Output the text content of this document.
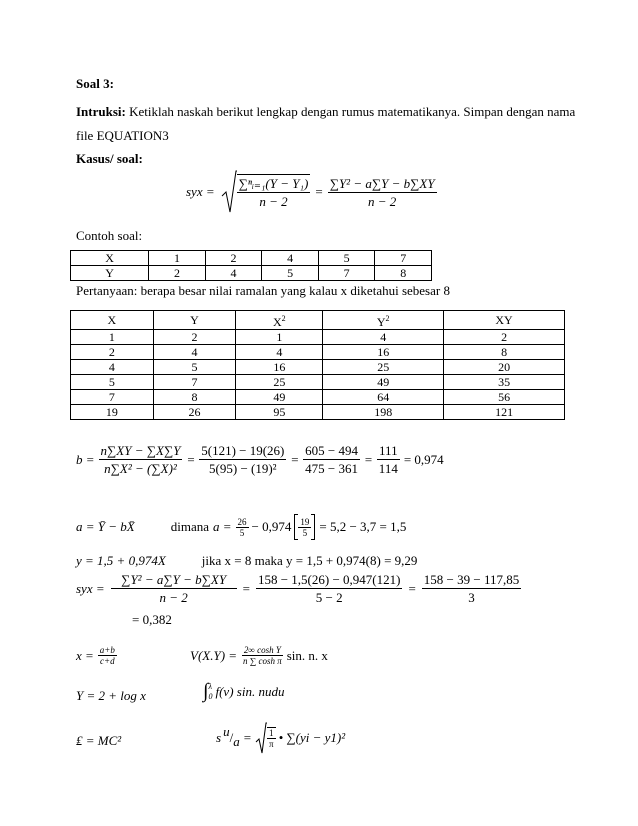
Soal 3:
Intruksi: Ketiklah naskah berikut lengkap dengan rumus matematikanya. Simpan dengan nama
file EQUATION3
Kasus/ soal:
syx = $\frac{\text{∑ⁿᵢ₌₁(Y − Y₁)}}{n - 2} = \frac{\text{∑Y² − a∑Y − b∑XY}}{n - 2}$
Contoh soal:
X	1	2	4	5	7
Y	2	4	5	7	8
Pertanyaan: berapa besar nilai ramalan yang kalau x diketahui sebesar 8
X	Y	$X^2$	$Y^2$	XY
1	2	1	4	2
2	4	4	16	8
4	5	16	25	20
5	7	25	49	35
7	8	49	64	56
19	26	95	198	121
$b = \frac{n\sum XY - \sum X\sum Y}{\text{n∑X² − (∑X)²}} = \frac{5(121) - 19(26)}{\text{5(95) − (19)²}} = \frac{605 - 494}{475 - 361} = \frac{111}{114} = 0,974$
a = Ȳ − bX̄	dimana $a = \frac{26}{5} - 0,974 \frac{19}{5} = 5,2 - 3,7 = 1,5$
y = 1,5 + 0,974X	jika x = 8 maka y = 1,5 + 0,974(8) = 9,29
syx = $\frac{\text{∑Y² − a∑Y − b∑XY}}{n - 2} = \frac{158 - 1,5(26) - 0,947(121)}{5 - 2} = \frac{158 - 39 - 117,85}{3}$
= 0,382
$x = \frac{a+b}{c+d}$	$V(X.Y) = \frac{\text{2∞ cosh Y}}{\text{n ∑ cosh π}} \sin$. n. x
Y = 2 + log x	∫ λ
0 f(v) sin. nudu
₤ = MC²	s $u / a = \frac{1}{\pi}$ • ∑(yi − y1)²
